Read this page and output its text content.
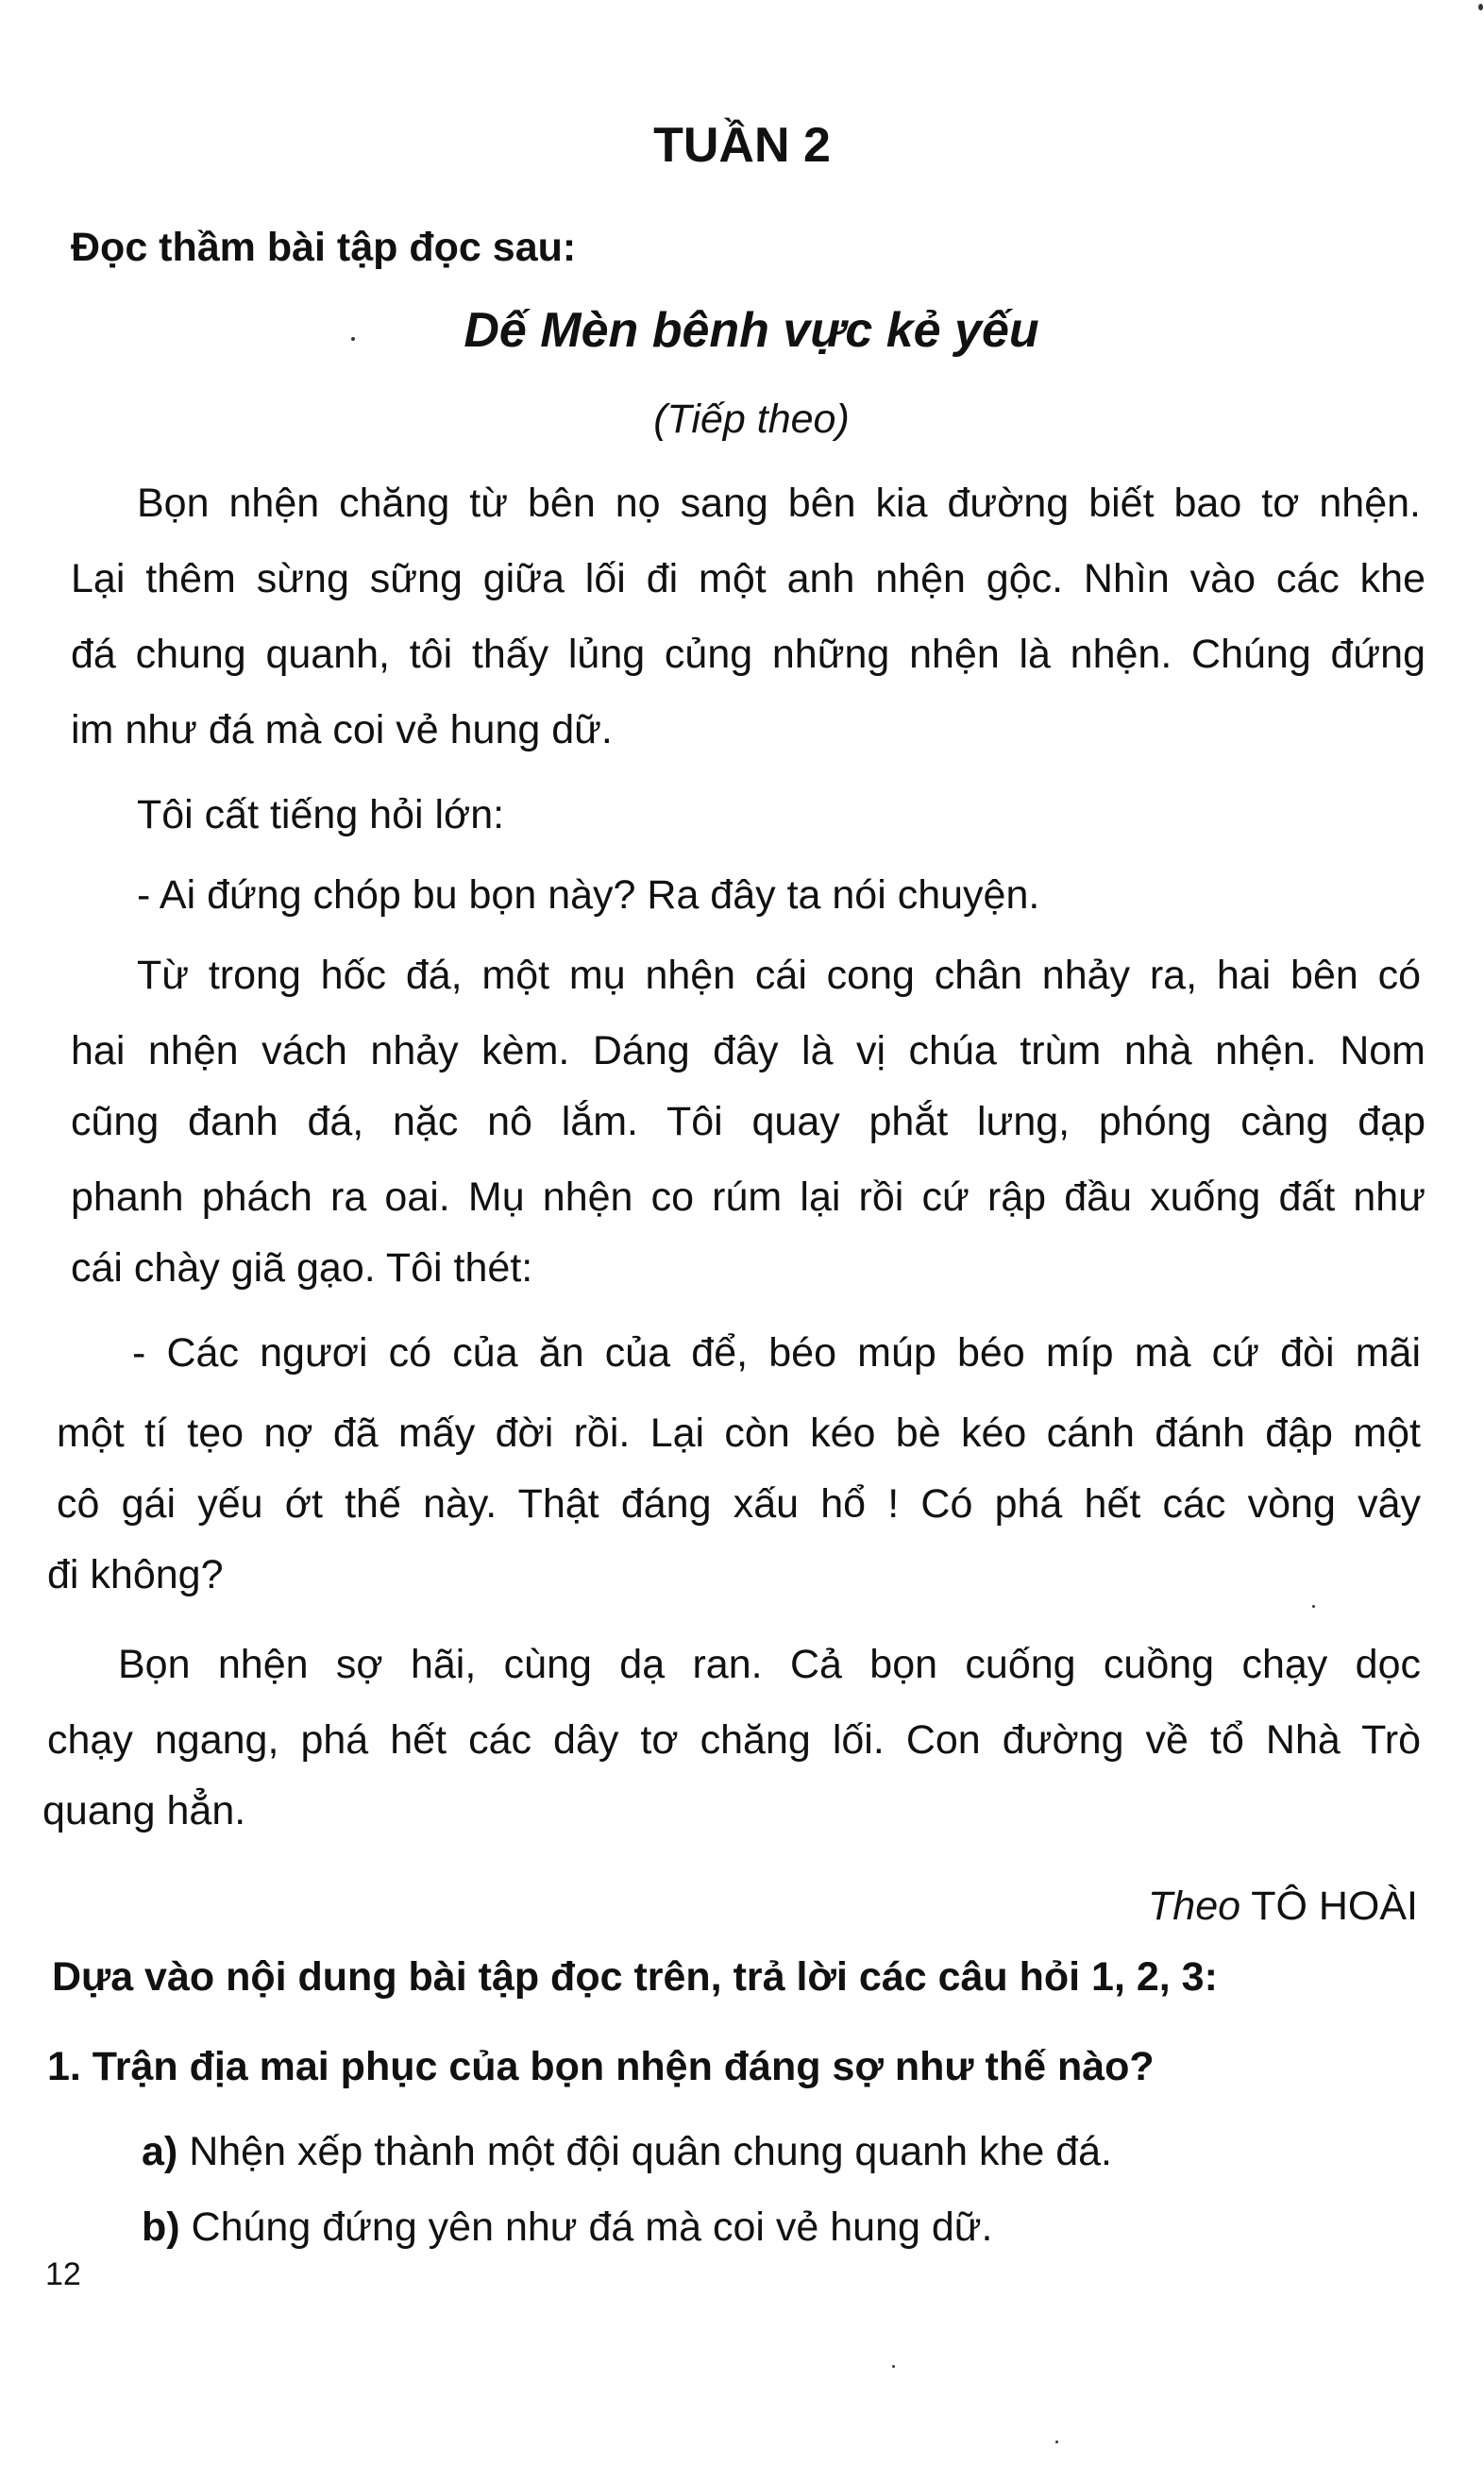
TUẦN 2
Đọc thầm bài tập đọc sau:
Dế Mèn bênh vực kẻ yếu
(Tiếp theo)
Bọn nhện chăng từ bên nọ sang bên kia đường biết bao tơ nhện.
Lại thêm sừng sững giữa lối đi một anh nhện gộc. Nhìn vào các khe
đá chung quanh, tôi thấy lủng củng những nhện là nhện. Chúng đứng
im như đá mà coi vẻ hung dữ.
Tôi cất tiếng hỏi lớn:
- Ai đứng chóp bu bọn này? Ra đây ta nói chuyện.
Từ trong hốc đá, một mụ nhện cái cong chân nhảy ra, hai bên có
hai nhện vách nhảy kèm. Dáng đây là vị chúa trùm nhà nhện. Nom
cũng đanh đá, nặc nô lắm. Tôi quay phắt lưng, phóng càng đạp
phanh phách ra oai. Mụ nhện co rúm lại rồi cứ rập đầu xuống đất như
cái chày giã gạo. Tôi thét:
- Các ngươi có của ăn của để, béo múp béo míp mà cứ đòi mãi
một tí tẹo nợ đã mấy đời rồi. Lại còn kéo bè kéo cánh đánh đập một
cô gái yếu ớt thế này. Thật đáng xấu hổ ! Có phá hết các vòng vây
đi không?
Bọn nhện sợ hãi, cùng dạ ran. Cả bọn cuống cuồng chạy dọc
chạy ngang, phá hết các dây tơ chăng lối. Con đường về tổ Nhà Trò
quang hẳn.
Theo TÔ HOÀI
Dựa vào nội dung bài tập đọc trên, trả lời các câu hỏi 1, 2, 3:
1. Trận địa mai phục của bọn nhện đáng sợ như thế nào?
a) Nhện xếp thành một đội quân chung quanh khe đá.
b) Chúng đứng yên như đá mà coi vẻ hung dữ.
12
